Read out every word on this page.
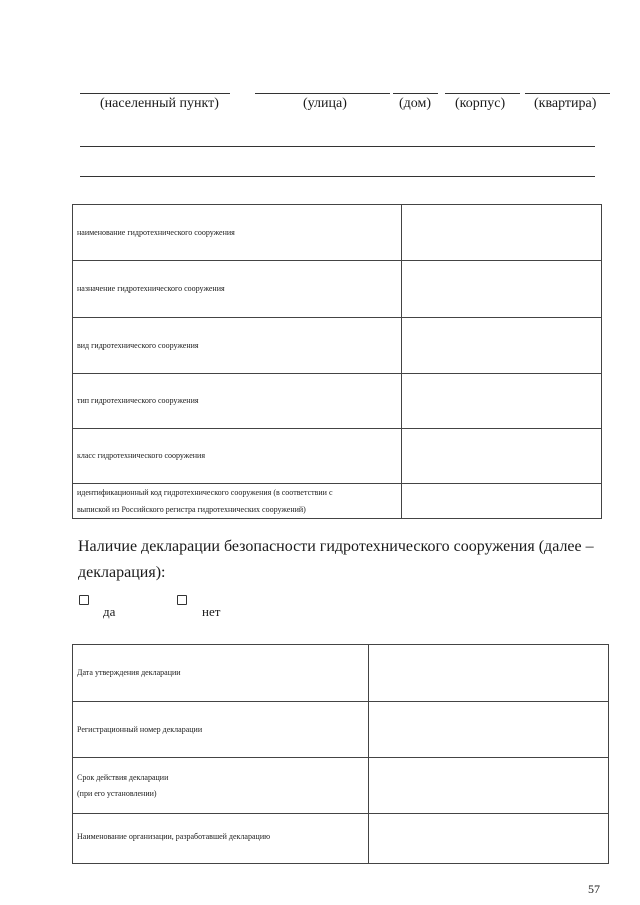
(населенный пункт)	(улица)	(дом) (корпус) (квартира)
наименование гидротехнического сооружения	
назначение гидротехнического сооружения	
вид гидротехнического сооружения	
тип гидротехнического сооружения	
класс гидротехнического сооружения	
идентификационный код гидротехнического сооружения (в соответствии с
выпиской из Российского регистра гидротехнических сооружений)	
Наличие декларации безопасности гидротехнического сооружения (далее –
декларация):
да	нет
Дата утверждения декларации	
Регистрационный номер декларации	
Срок действия декларации
(при его установлении)	
Наименование организации, разработавшей декларацию	
57
